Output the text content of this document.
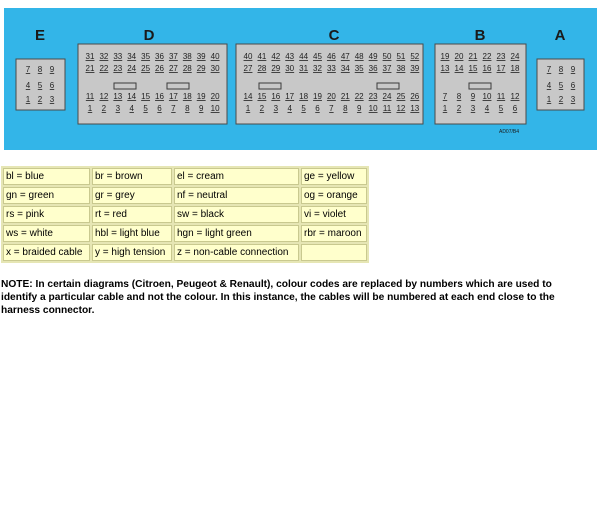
E	D	C	B	A
7 8 9
4 5 6
1 2 3
31 32 33 34 35 36 37 38 39 40
21 22 23 24 25 26 27 28 29 30
11 12 13 14 15 16 17 18 19 20
1 2 3 4 5 6 7 8 9 10
40 41 42 43 44 45 46 47 48 49 50 51 52
27 28 29 30 31 32 33 34 35 36 37 38 39
14 15 16 17 18 19 20 21 22 23 24 25 26
1 2 3 4 5 6 7 8 9 10 11 12 13
19 20 21 22 23 24
13 14 15 16 17 18
7 8 9 10 11 12
1 2 3 4 5 6
7 8 9
4 5 6
1 2 3
AD07/B4
bl = blue	br = brown	el = cream	ge = yellow
gn = green	gr = grey	nf = neutral	og = orange
rs = pink	rt = red	sw = black	vi = violet
ws = white	hbl = light blue	hgn = light green	rbr = maroon
x = braided cable	y = high tension	z = non-cable connection	

NOTE: In certain diagrams (Citroen, Peugeot & Renault), colour codes are replaced by numbers which are used to identify a particular cable and not the colour. In this instance, the cables will be numbered at each end close to the harness connector.
